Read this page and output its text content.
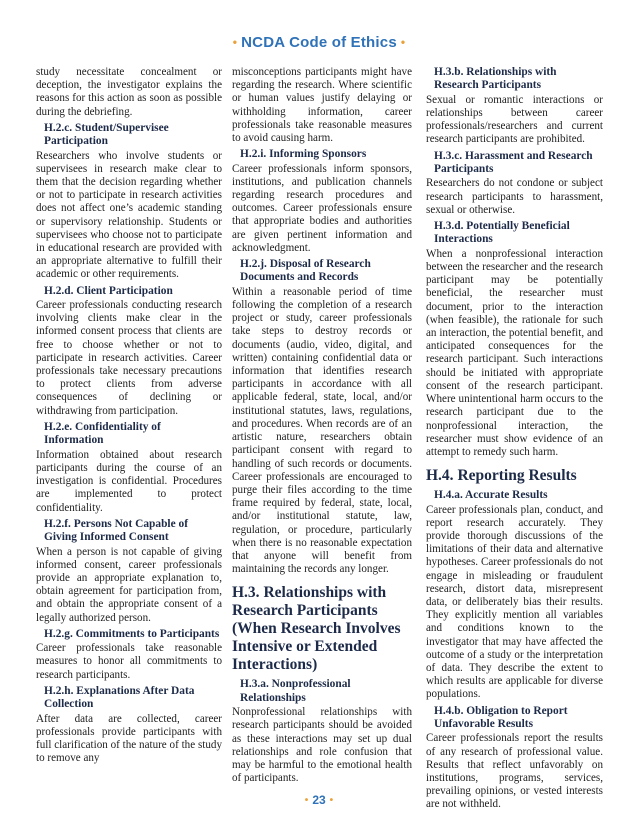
• NCDA Code of Ethics •

study necessitate concealment or deception, the investigator explains the reasons for this action as soon as possible during the debriefing.

H.2.c. Student/Supervisee Participation

Researchers who involve students or supervisees in research make clear to them that the decision regarding whether or not to participate in research activities does not affect one’s academic standing or supervisory relationship. Students or supervisees who choose not to participate in educational research are provided with an appropriate alternative to fulfill their academic or other requirements.

H.2.d. Client Participation

Career professionals conducting research involving clients make clear in the informed consent process that clients are free to choose whether or not to participate in research activities. Career professionals take necessary precautions to protect clients from adverse consequences of declining or withdrawing from participation.

H.2.e. Confidentiality of Information

Information obtained about research participants during the course of an investigation is confidential. Procedures are implemented to protect confidentiality.

H.2.f. Persons Not Capable of Giving Informed Consent

When a person is not capable of giving informed consent, career professionals provide an appropriate explanation to, obtain agreement for participation from, and obtain the appropriate consent of a legally authorized person.

H.2.g. Commitments to Participants

Career professionals take reasonable measures to honor all commitments to research participants.

H.2.h. Explanations After Data Collection

After data are collected, career professionals provide participants with full clarification of the nature of the study to remove any

misconceptions participants might have regarding the research. Where scientific or human values justify delaying or withholding information, career professionals take reasonable measures to avoid causing harm.

H.2.i. Informing Sponsors

Career professionals inform sponsors, institutions, and publication channels regarding research procedures and outcomes. Career professionals ensure that appropriate bodies and authorities are given pertinent information and acknowledgment.

H.2.j. Disposal of Research Documents and Records

Within a reasonable period of time following the completion of a research project or study, career professionals take steps to destroy records or documents (audio, video, digital, and written) containing confidential data or information that identifies research participants in accordance with all applicable federal, state, local, and/or institutional statutes, laws, regulations, and procedures. When records are of an artistic nature, researchers obtain participant consent with regard to handling of such records or documents. Career professionals are encouraged to purge their files according to the time frame required by federal, state, local, and/or institutional statute, law, regulation, or procedure, particularly when there is no reasonable expectation that anyone will benefit from maintaining the records any longer.

H.3. Relationships with Research Participants (When Research Involves Intensive or Extended Interactions)
H.3.a. Nonprofessional Relationships

Nonprofessional relationships with research participants should be avoided as these interactions may set up dual relationships and role confusion that may be harmful to the emotional health of participants.

H.3.b. Relationships with Research Participants

Sexual or romantic interactions or relationships between career professionals/researchers and current research participants are prohibited.

H.3.c. Harassment and Research Participants

Researchers do not condone or subject research participants to harassment, sexual or otherwise.

H.3.d. Potentially Beneficial Interactions

When a nonprofessional interaction between the researcher and the research participant may be potentially beneficial, the researcher must document, prior to the interaction (when feasible), the rationale for such an interaction, the potential benefit, and anticipated consequences for the research participant. Such interactions should be initiated with appropriate consent of the research participant. Where unintentional harm occurs to the research participant due to the nonprofessional interaction, the researcher must show evidence of an attempt to remedy such harm.

H.4. Reporting Results
H.4.a. Accurate Results

Career professionals plan, conduct, and report research accurately. They provide thorough discussions of the limitations of their data and alternative hypotheses. Career professionals do not engage in misleading or fraudulent research, distort data, misrepresent data, or deliberately bias their results. They explicitly mention all variables and conditions known to the investigator that may have affected the outcome of a study or the interpretation of data. They describe the extent to which results are applicable for diverse populations.

H.4.b. Obligation to Report Unfavorable Results

Career professionals report the results of any research of professional value. Results that reflect unfavorably on institutions, programs, services, prevailing opinions, or vested interests are not withheld.

• 23 •
